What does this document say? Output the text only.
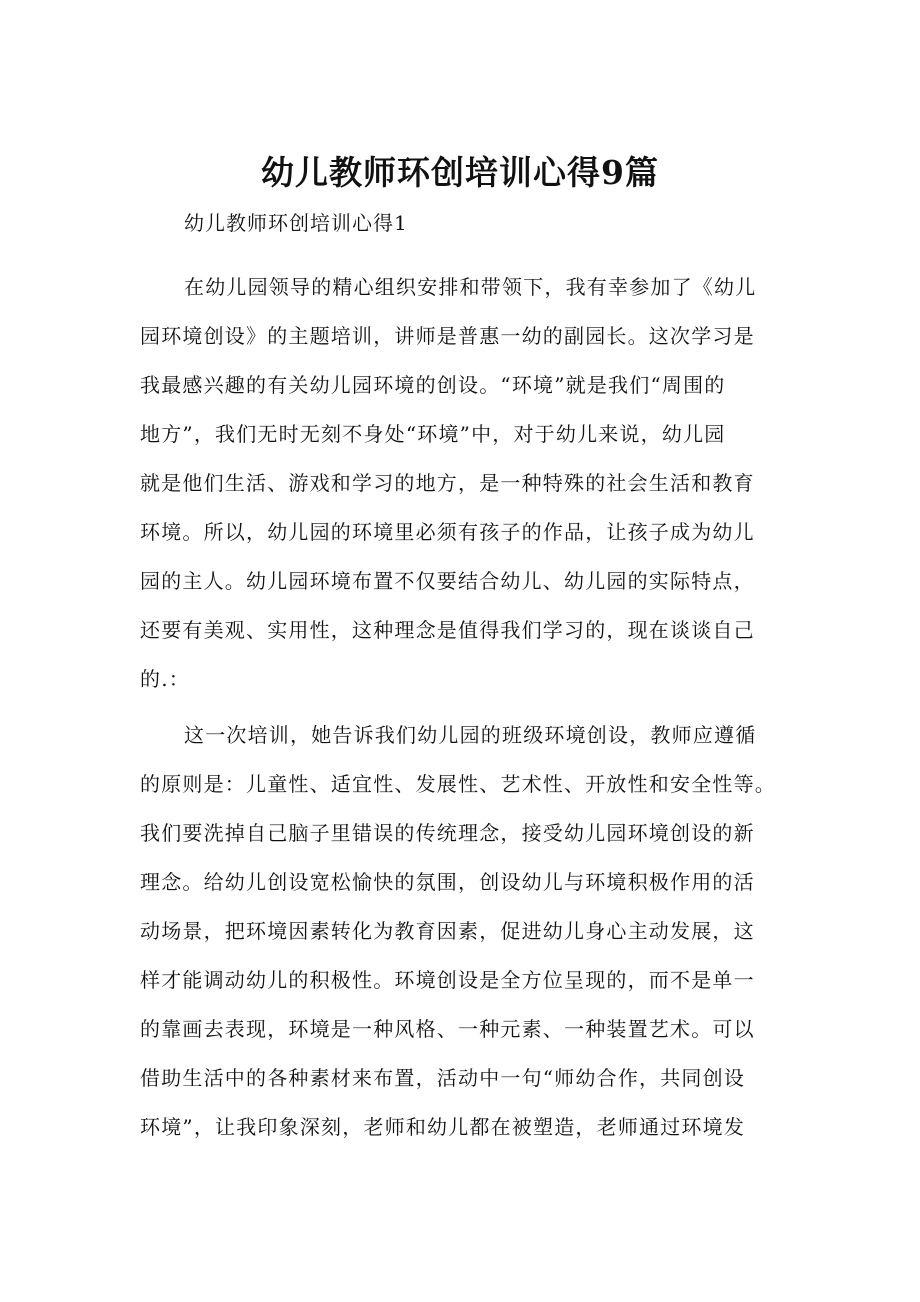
幼儿教师环创培训心得9篇
幼儿教师环创培训心得1
在幼儿园领导的精心组织安排和带领下，我有幸参加了《幼儿
园环境创设》的主题培训，讲师是普惠一幼的副园长。这次学习是
我最感兴趣的有关幼儿园环境的创设。“环境”就是我们“周围的
地方”，我们无时无刻不身处“环境”中，对于幼儿来说，幼儿园
就是他们生活、游戏和学习的地方，是一种特殊的社会生活和教育
环境。所以，幼儿园的环境里必须有孩子的作品，让孩子成为幼儿
园的主人。幼儿园环境布置不仅要结合幼儿、幼儿园的实际特点，
还要有美观、实用性，这种理念是值得我们学习的，现在谈谈自己
的.：
这一次培训，她告诉我们幼儿园的班级环境创设，教师应遵循
的原则是：儿童性、适宜性、发展性、艺术性、开放性和安全性等。
我们要洗掉自己脑子里错误的传统理念，接受幼儿园环境创设的新
理念。给幼儿创设宽松愉快的氛围，创设幼儿与环境积极作用的活
动场景，把环境因素转化为教育因素，促进幼儿身心主动发展，这
样才能调动幼儿的积极性。环境创设是全方位呈现的，而不是单一
的靠画去表现，环境是一种风格、一种元素、一种装置艺术。可以
借助生活中的各种素材来布置，活动中一句“师幼合作，共同创设
环境”，让我印象深刻，老师和幼儿都在被塑造，老师通过环境发
